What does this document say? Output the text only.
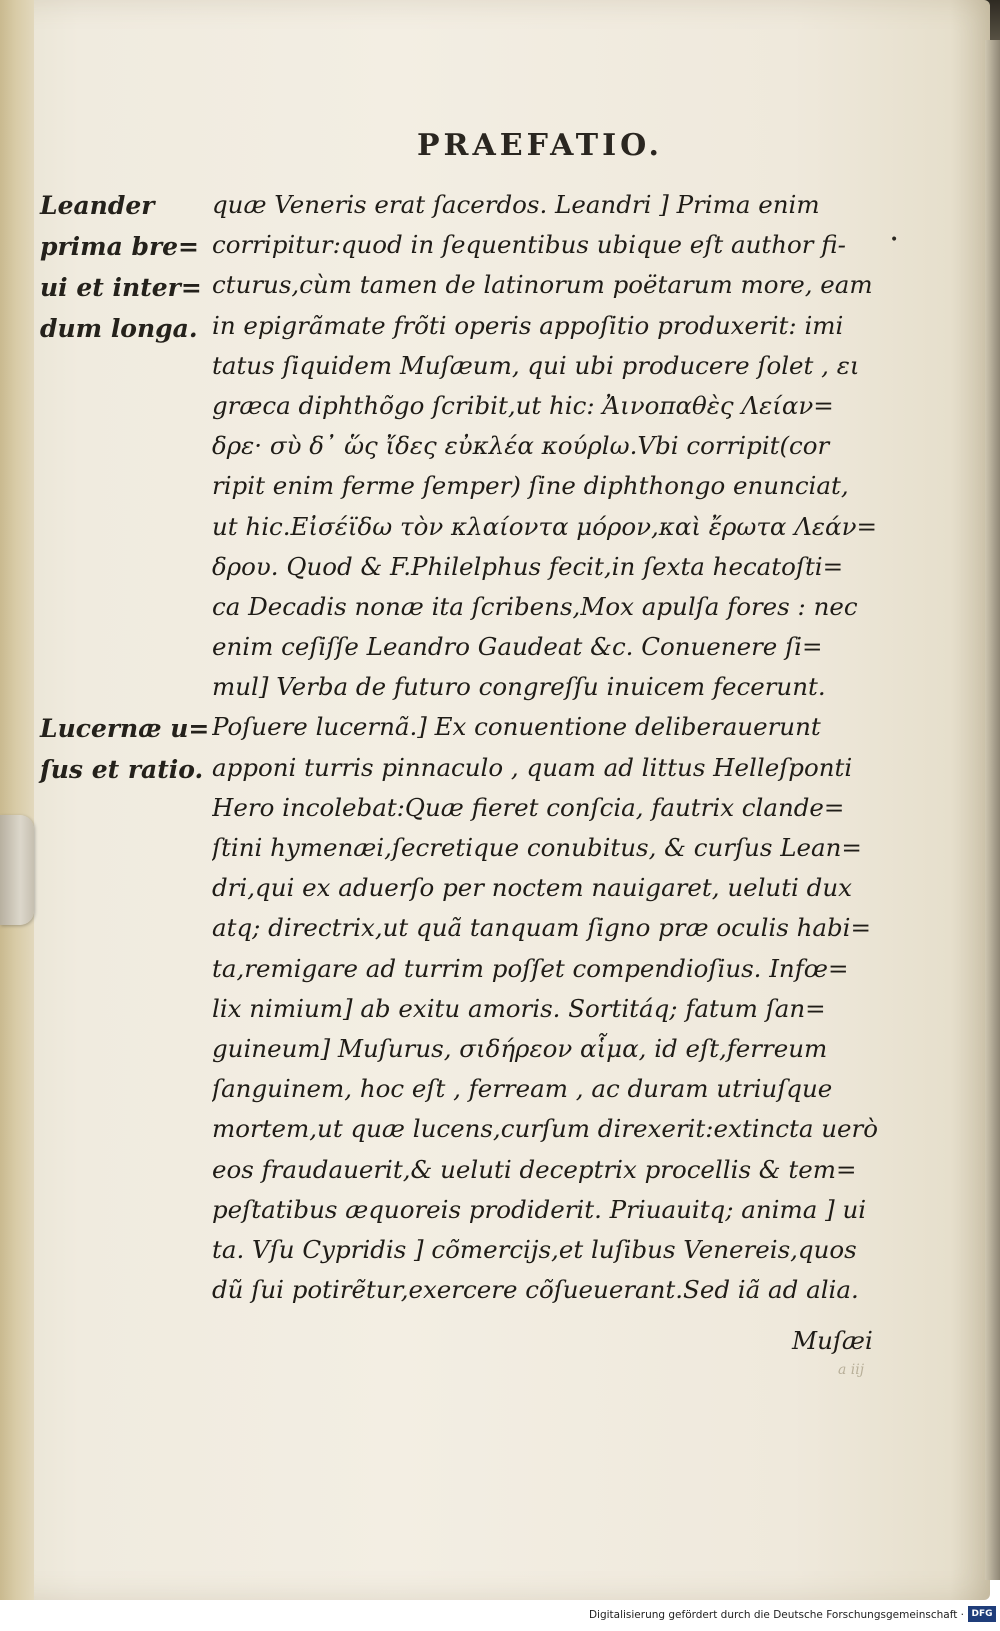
PRAEFATIO.
Leander
prima bre=
ui et inter=
dum longa.
Lucernæ u=
ſus et ratio.
•
quæ Veneris erat ſacerdos. Leandri ] Prima enim
corripitur:quod in ſequentibus ubique eſt author fi-
cturus,cùm tamen de latinorum poëtarum more, eam
in epigrãmate frõti operis appoſitio produxerit: imi
tatus ſiquidem Muſæum, qui ubi producere ſolet , ει
græca diphthõgo ſcribit,ut hic: Ἀινοπαθὲς Λείαν=
δρε· σὺ δ᾽ ὥς ἴδες εὐκλέα κούρlω.Vbi corripit(cor
ripit enim ferme ſemper) ſine diphthongo enunciat,
ut hic.Εἰσέϊδω τὸν κλαίοντα μόρον,καὶ ἔρωτα Λεάν=
δρου. Quod & F.Philelphus fecit,in ſexta hecatoſti=
ca Decadis nonæ ita ſcribens,Mox apulſa fores : nec
enim ceſiſſe Leandro Gaudeat &c. Conuenere ſi=
mul] Verba de futuro congreſſu inuicem fecerunt.
Poſuere lucernã.] Ex conuentione deliberauerunt
apponi turris pinnaculo , quam ad littus Helleſponti
Hero incolebat:Quæ fieret conſcia, fautrix clande=
ſtini hymenæi,ſecretique conubitus, & curſus Lean=
dri,qui ex aduerſo per noctem nauigaret, ueluti dux
atq; directrix,ut quã tanquam ſigno præ oculis habi=
ta,remigare ad turrim poſſet compendioſius. Infœ=
lix nimium] ab exitu amoris. Sortitáq; fatum ſan=
guineum] Muſurus, σιδήρεον αἷμα, id eſt,ferreum
ſanguinem, hoc eſt , ferream , ac duram utriuſque
mortem,ut quæ lucens,curſum direxerit:extincta uerò
eos fraudauerit,& ueluti deceptrix procellis & tem=
peſtatibus æquoreis prodiderit. Priuauitq; anima ] ui
ta. Vſu Cypridis ] cõmercijs,et luſibus Venereis,quos
dũ ſui potirẽtur,exercere cõſueuerant.Sed iã ad alia.
Muſæi
a iij
Digitalisierung gefördert durch die Deutsche Forschungsgemeinschaft · DFG
